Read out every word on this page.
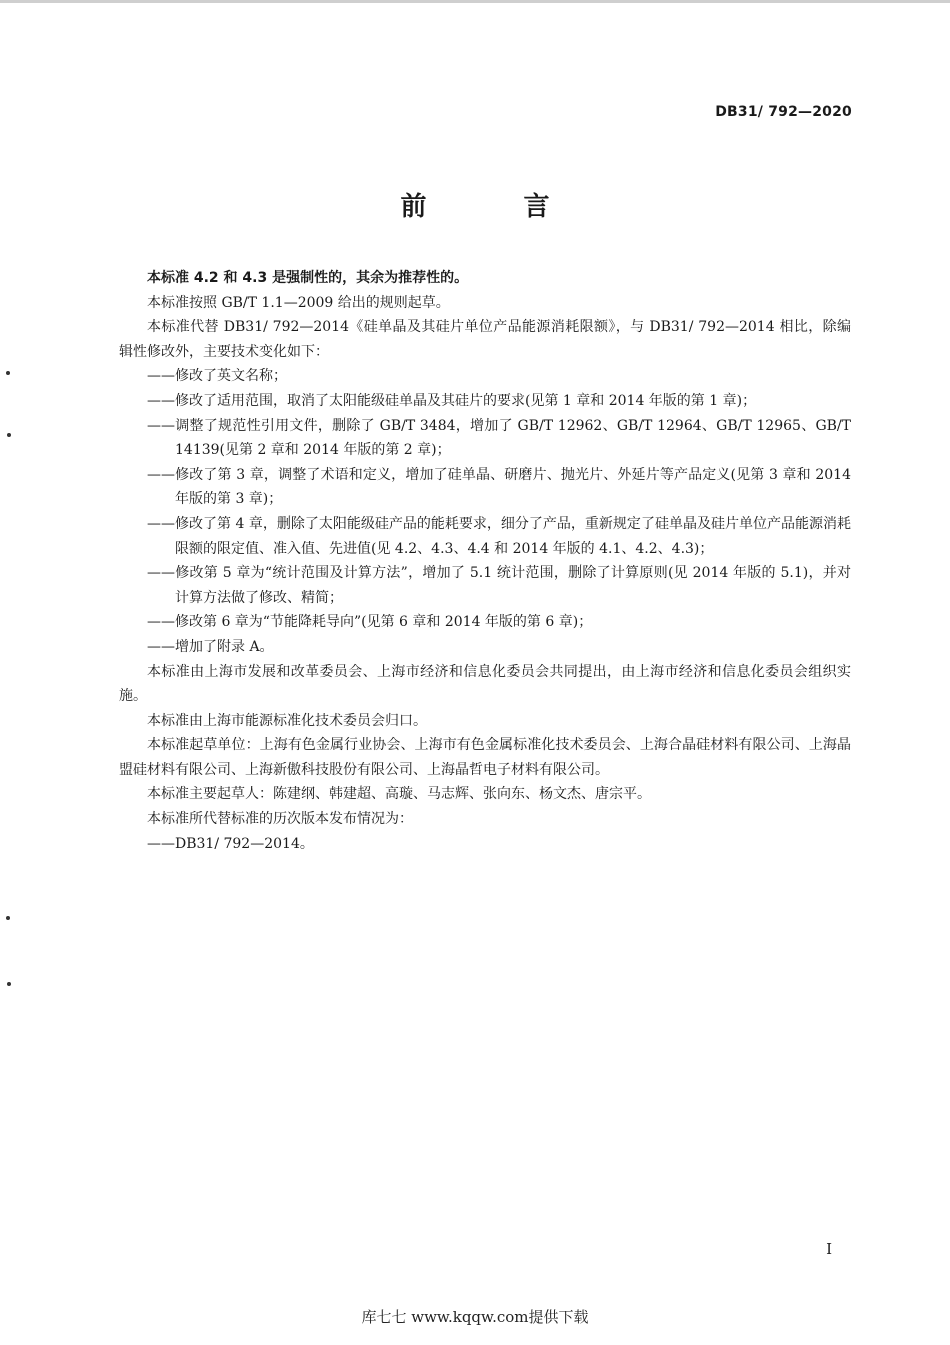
DB31/ 792—2020
前 言

本标准 4.2 和 4.3 是强制性的，其余为推荐性的。

本标准按照 GB/T 1.1—2009 给出的规则起草。

本标准代替 DB31/ 792—2014《硅单晶及其硅片单位产品能源消耗限额》，与 DB31/ 792—2014 相比，除编辑性修改外，主要技术变化如下：

——修改了英文名称；

——修改了适用范围，取消了太阳能级硅单晶及其硅片的要求(见第 1 章和 2014 年版的第 1 章)；

——调整了规范性引用文件，删除了 GB/T 3484，增加了 GB/T 12962、GB/T 12964、GB/T 12965、GB/T 14139(见第 2 章和 2014 年版的第 2 章)；

——修改了第 3 章，调整了术语和定义，增加了硅单晶、研磨片、抛光片、外延片等产品定义(见第 3 章和 2014 年版的第 3 章)；

——修改了第 4 章，删除了太阳能级硅产品的能耗要求，细分了产品，重新规定了硅单晶及硅片单位产品能源消耗限额的限定值、准入值、先进值(见 4.2、4.3、4.4 和 2014 年版的 4.1、4.2、4.3)；

——修改第 5 章为“统计范围及计算方法”，增加了 5.1 统计范围，删除了计算原则(见 2014 年版的 5.1)，并对计算方法做了修改、精简；

——修改第 6 章为“节能降耗导向”(见第 6 章和 2014 年版的第 6 章)；

——增加了附录 A。

本标准由上海市发展和改革委员会、上海市经济和信息化委员会共同提出，由上海市经济和信息化委员会组织实施。

本标准由上海市能源标准化技术委员会归口。

本标准起草单位：上海有色金属行业协会、上海市有色金属标准化技术委员会、上海合晶硅材料有限公司、上海晶盟硅材料有限公司、上海新傲科技股份有限公司、上海晶哲电子材料有限公司。

本标准主要起草人：陈建纲、韩建超、高璇、马志辉、张向东、杨文杰、唐宗平。

本标准所代替标准的历次版本发布情况为：

——DB31/ 792—2014。

I
库七七 www.kqqw.com提供下载
